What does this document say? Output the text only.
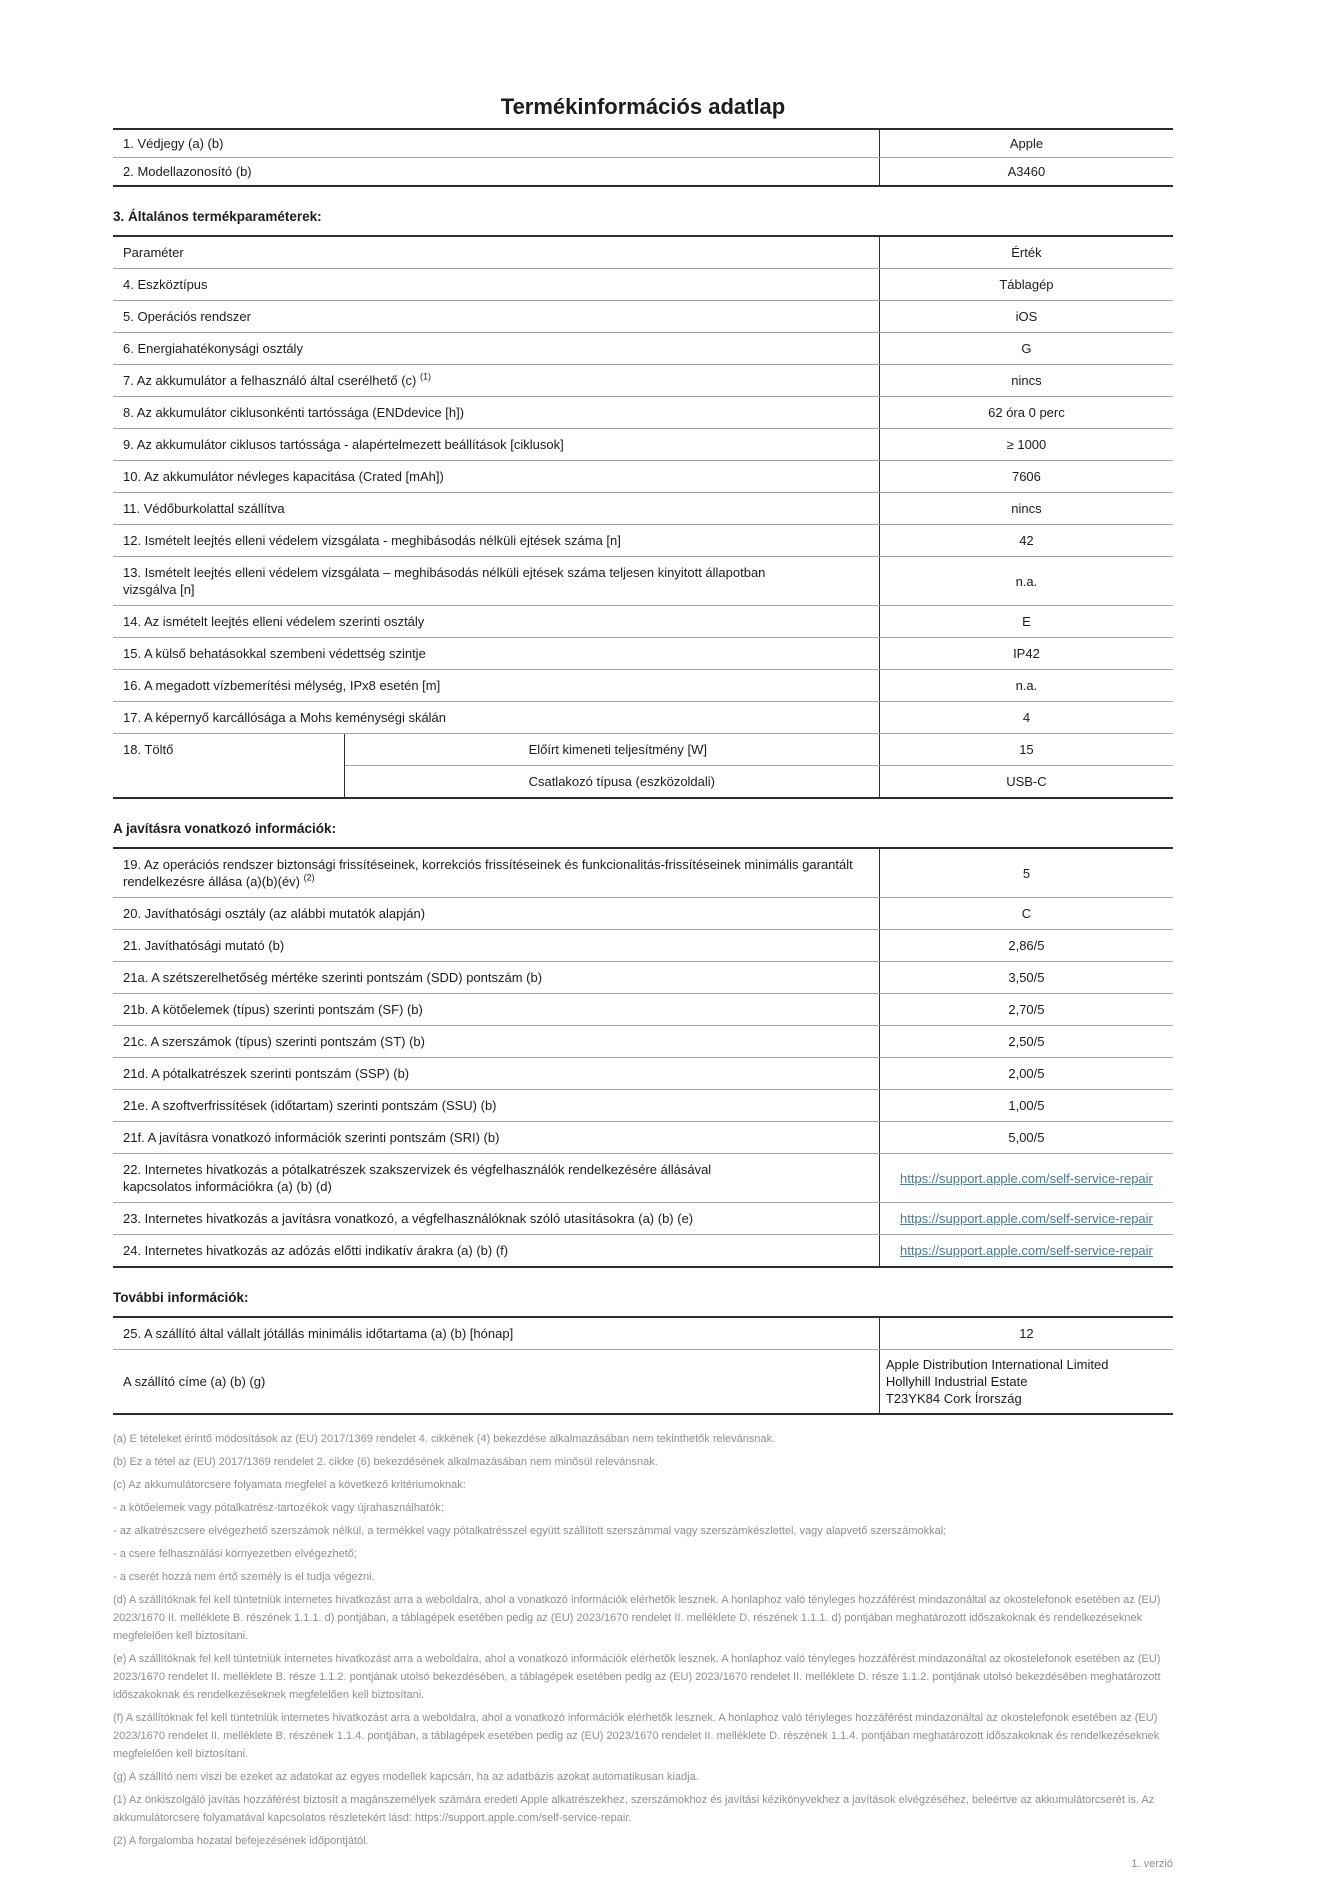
Termékinformációs adatlap
1. Védjegy (a) (b)	Apple
2. Modellazonosító (b)	A3460
3. Általános termékparaméterek:
Paraméter		Érték
4. Eszköztípus		Táblagép
5. Operációs rendszer		iOS
6. Energiahatékonysági osztály		G
7. Az akkumulátor a felhasználó által cserélhető (c) $^{(1)}$		nincs
8. Az akkumulátor ciklusonkénti tartóssága (ENDdevice [h])		62 óra 0 perc
9. Az akkumulátor ciklusos tartóssága - alapértelmezett beállítások [ciklusok]		≥ 1000
10. Az akkumulátor névleges kapacitása (Crated [mAh])		7606
11. Védőburkolattal szállítva		nincs
12. Ismételt leejtés elleni védelem vizsgálata - meghibásodás nélküli ejtések száma [n]		42

13. Ismételt leejtés elleni védelem vizsgálata – meghibásodás nélküli ejtések száma teljesen kinyitott állapotban vizsgálva [n]		n.a.
14. Az ismételt leejtés elleni védelem szerinti osztály		E
15. A külső behatásokkal szembeni védettség szintje		IP42
16. A megadott vízbemerítési mélység, IPx8 esetén [m]		n.a.
17. A képernyő karcállósága a Mohs keménységi skálán		4
18. Töltő	Előírt kimeneti teljesítmény [W]	15
	Csatlakozó típusa (eszközoldali)	USB-C
A javításra vonatkozó információk:
19. Az operációs rendszer biztonsági frissítéseinek, korrekciós frissítéseinek és funkcionalitás-frissítéseinek minimális garantált rendelkezésre állása (a)(b)(év) $^{(2)}$	5
20. Javíthatósági osztály (az alábbi mutatók alapján)	C
21. Javíthatósági mutató (b)	2,86/5
21a. A szétszerelhetőség mértéke szerinti pontszám (SDD) pontszám (b)	3,50/5
21b. A kötőelemek (típus) szerinti pontszám (SF) (b)	2,70/5
21c. A szerszámok (típus) szerinti pontszám (ST) (b)	2,50/5
21d. A pótalkatrészek szerinti pontszám (SSP) (b)	2,00/5
21e. A szoftverfrissítések (időtartam) szerinti pontszám (SSU) (b)	1,00/5
21f. A javításra vonatkozó információk szerinti pontszám (SRI) (b)	5,00/5

22. Internetes hivatkozás a pótalkatrészek szakszervizek és végfelhasználók rendelkezésére állásával kapcsolatos információkra (a) (b) (d)	https://support.apple.com/self-service-repair
23. Internetes hivatkozás a javításra vonatkozó, a végfelhasználóknak szóló utasításokra (a) (b) (e)	https://support.apple.com/self-service-repair
24. Internetes hivatkozás az adózás előtti indikatív árakra (a) (b) (f)	https://support.apple.com/self-service-repair
További információk:
25. A szállító által vállalt jótállás minimális időtartama (a) (b) [hónap]	12
A szállító címe (a) (b) (g)	Apple Distribution International Limited
Hollyhill Industrial Estate
T23YK84 Cork Írország

(a) E tételeket érintő módosítások az (EU) 2017/1369 rendelet 4. cikkének (4) bekezdése alkalmazásában nem tekinthetők relevánsnak.

(b) Ez a tétel az (EU) 2017/1369 rendelet 2. cikke (6) bekezdésének alkalmazásában nem minősül relevánsnak.

(c) Az akkumulátorcsere folyamata megfelel a következő kritériumoknak:

- a kötőelemek vagy pótalkatrész-tartozékok vagy újrahasználhatók;

- az alkatrészcsere elvégezhető szerszámok nélkül, a termékkel vagy pótalkatrésszel együtt szállított szerszámmal vagy szerszámkészlettel, vagy alapvető szerszámokkal;

- a csere felhasználási környezetben elvégezhető;

- a cserét hozzá nem értő személy is el tudja végezni.

(d) A szállítóknak fel kell tüntetniük internetes hivatkozást arra a weboldalra, ahol a vonatkozó információk elérhetők lesznek. A honlaphoz való tényleges hozzáférést mindazonáltal az okostelefonok esetében az (EU) 2023/1670 II. melléklete B. részének 1.1.1. d) pontjában, a táblagépek esetében pedig az (EU) 2023/1670 rendelet II. melléklete D. részének 1.1.1. d) pontjában meghatározott időszakoknak és rendelkezéseknek megfelelően kell biztosítani.

(e) A szállítóknak fel kell tüntetniük internetes hivatkozást arra a weboldalra, ahol a vonatkozó információk elérhetők lesznek. A honlaphoz való tényleges hozzáférést mindazonáltal az okostelefonok esetében az (EU) 2023/1670 rendelet II. melléklete B. része 1.1.2. pontjának utolsó bekezdésében, a táblagépek esetében pedig az (EU) 2023/1670 rendelet II. melléklete D. része 1.1.2. pontjának utolsó bekezdésében meghatározott időszakoknak és rendelkezéseknek megfelelően kell biztosítani.

(f) A szállítóknak fel kell tüntetniük internetes hivatkozást arra a weboldalra, ahol a vonatkozó információk elérhetők lesznek. A honlaphoz való tényleges hozzáférést mindazonáltal az okostelefonok esetében az (EU) 2023/1670 rendelet II. melléklete B. részének 1.1.4. pontjában, a táblagépek esetében pedig az (EU) 2023/1670 rendelet II. melléklete D. részének 1.1.4. pontjában meghatározott időszakoknak és rendelkezéseknek megfelelően kell biztosítani.

(g) A szállító nem viszi be ezeket az adatokat az egyes modellek kapcsán, ha az adatbázis azokat automatikusan kiadja.

(1) Az önkiszolgáló javítás hozzáférést biztosít a magánszemélyek számára eredeti Apple alkatrészekhez, szerszámokhoz és javítási kézikönyvekhez a javítások elvégzéséhez, beleértve az akkumulátorcserét is. Az akkumulátorcsere folyamatával kapcsolatos részletekért lásd: https://support.apple.com/self-service-repair.

(2) A forgalomba hozatal befejezésének időpontjától.

1. verzió
